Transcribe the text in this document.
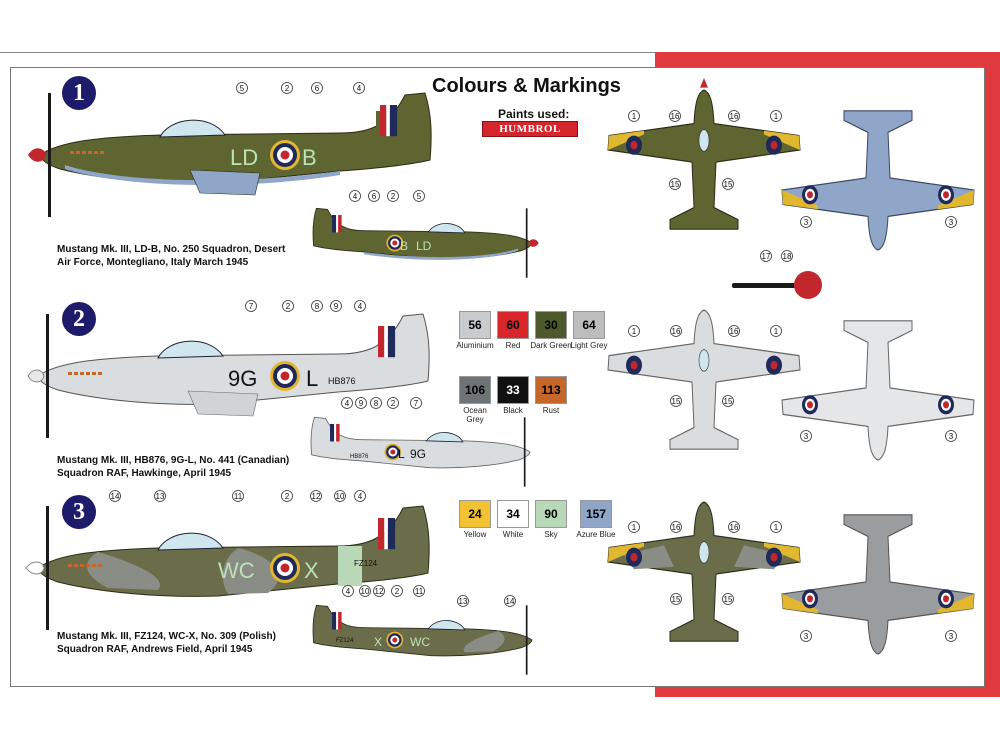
Colours & Markings
Paints used:
HUMBROL
1
2
3
Mustang Mk. III, LD-B, No. 250 Squadron, Desert
Air Force, Montegliano, Italy March 1945
Mustang Mk. III, HB876, 9G-L, No. 441 (Canadian)
Squadron RAF, Hawkinge, April 1945
Mustang Mk. III, FZ124, WC-X, No. 309 (Polish)
Squadron RAF, Andrews Field, April 1945
56
Aluminium
60
Red
30
Dark Green
64
Light Grey
106
Ocean Grey
33
Black
113
Rust
24
Yellow
34
White
90
Sky
157
Azure Blue
LD B
B LD
9G L HB876
L 9G
HB876
WC X	FZ124
X WC
FZ124
5	2	6	4
4 6 2	5
7	2	8 9 4
4 9 8 2 7
14	13	11	2	12 10 4
4 10 12 2 11
13	14
1	16	16	1
15	15
3	3
17 18
1	16	16	1
15	15
3	3
1	16	16	1
15	15
3	3
